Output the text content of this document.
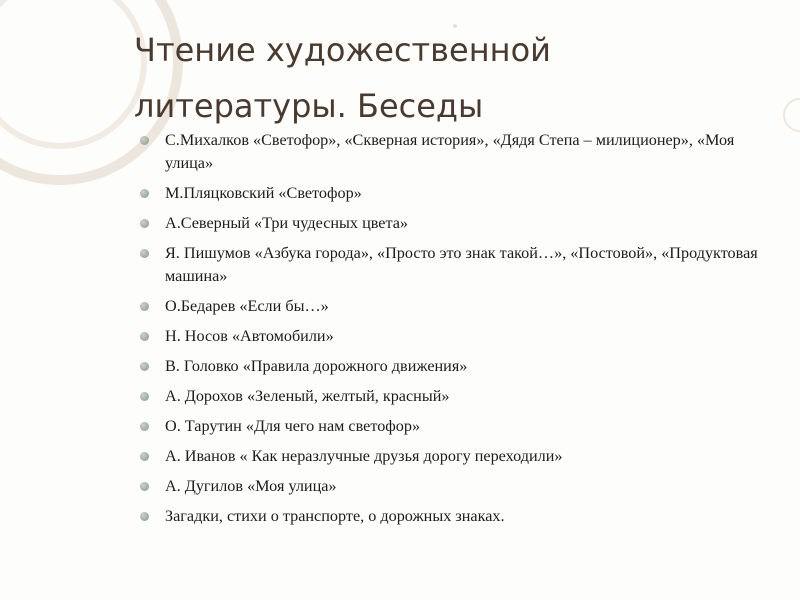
Чтение художественной
литературы. Беседы
С.Михалков «Светофор», «Скверная история», «Дядя Степа – милиционер», «Моя улица»
М.Пляцковский «Светофор»
А.Северный «Три чудесных цвета»
Я. Пишумов «Азбука города», «Просто это знак такой…», «Постовой», «Продуктовая машина»
О.Бедарев «Если бы…»
Н. Носов «Автомобили»
В. Головко «Правила дорожного движения»
А. Дорохов «Зеленый, желтый, красный»
О. Тарутин «Для чего нам светофор»
А. Иванов « Как неразлучные друзья дорогу переходили»
А. Дугилов «Моя улица»
Загадки, стихи о транспорте, о дорожных знаках.
